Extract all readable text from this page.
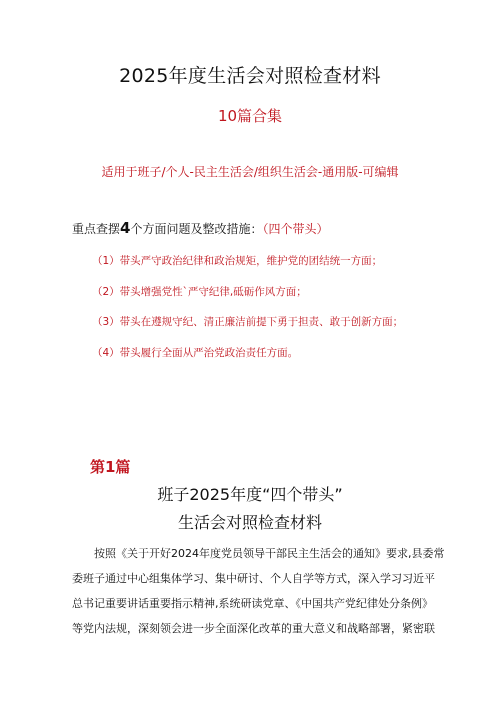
2025年度生活会对照检查材料
10篇合集
适用于班子/个人-民主生活会/组织生活会-通用版-可编辑
重点查摆4个方面问题及整改措施：（四个带头）
（1）带头严守政治纪律和政治规矩，维护党的团结统一方面；
（2）带头增强党性`严守纪律,砥砺作风方面；
（3）带头在遵规守纪、清正廉洁前提下勇于担责、敢于创新方面；
（4）带头履行全面从严治党政治责任方面。
第1篇
班子2025年度“四个带头”
生活会对照检查材料

按照《关于开好2024年度党员领导干部民主生活会的通知》要求,县委常
委班子通过中心组集体学习、集中研讨、个人自学等方式，深入学习习近平
总书记重要讲话重要指示精神,系统研读党章、《中国共产党纪律处分条例》
等党内法规，深刻领会进一步全面深化改革的重大意义和战略部署，紧密联
